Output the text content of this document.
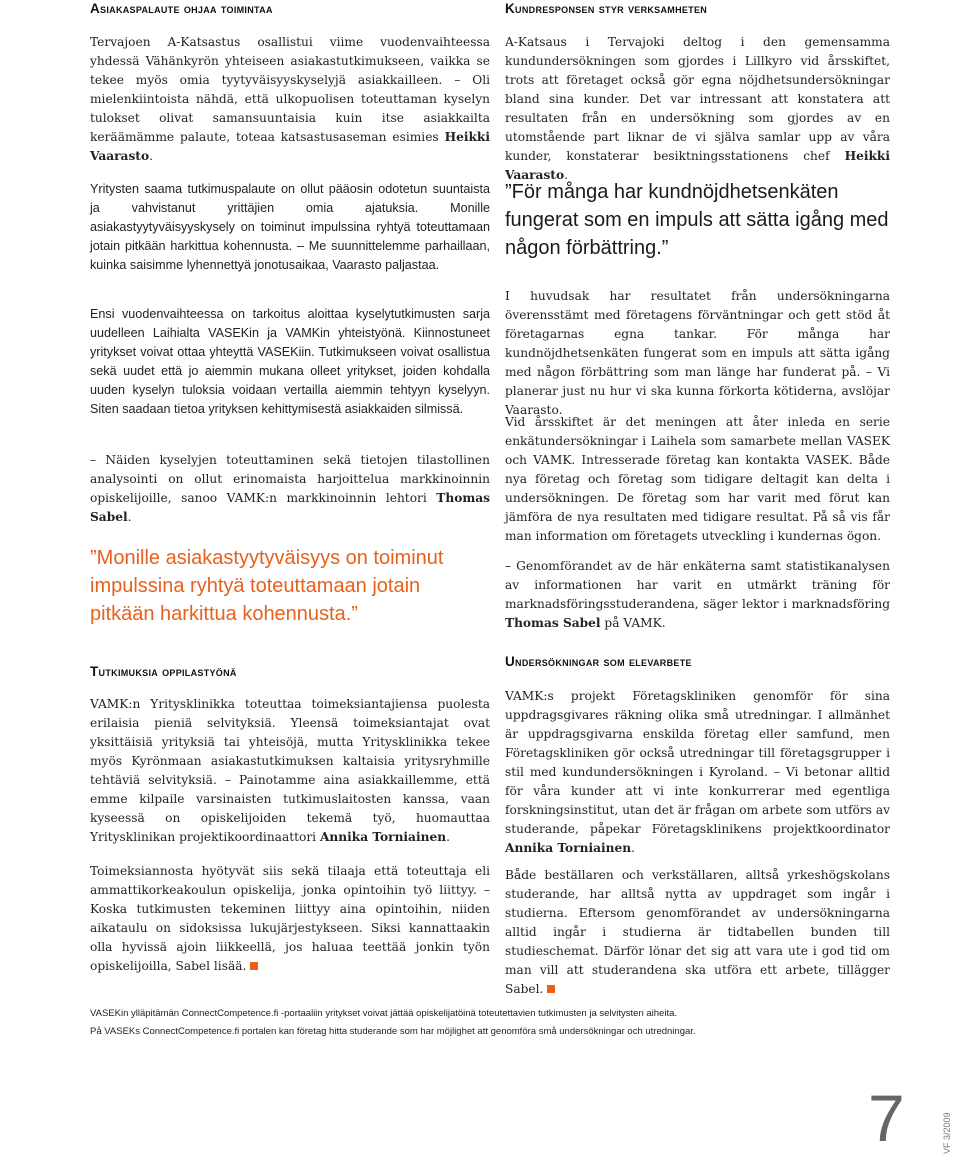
Asiakaspalaute ohjaa toimintaa

Tervajoen A-Katsastus osallistui viime vuodenvaihteessa yhdessä Vähänkyrön yhteiseen asiakastutkimukseen, vaikka se tekee myös omia tyytyväisyyskyselyjä asiakkailleen. – Oli mielenkiintoista nähdä, että ulkopuolisen toteuttaman kyselyn tulokset olivat samansuuntaisia kuin itse asiakkailta keräämämme palaute, toteaa katsastusaseman esimies Heikki Vaarasto.

Yritysten saama tutkimuspalaute on ollut pääosin odotetun suuntaista ja vahvistanut yrittäjien omia ajatuksia. Monille asiakastyytyväisyyskysely on toiminut impulssina ryhtyä toteuttamaan jotain pitkään harkittua kohennusta. – Me suunnittelemme parhaillaan, kuinka saisimme lyhennettyä jonotusaikaa, Vaarasto paljastaa.

Ensi vuodenvaihteessa on tarkoitus aloittaa kyselytutkimusten sarja uudelleen Laihialta VASEKin ja VAMKin yhteistyönä. Kiinnostuneet yritykset voivat ottaa yhteyttä VASEKiin. Tutkimukseen voivat osallistua sekä uudet että jo aiemmin mukana olleet yritykset, joiden kohdalla uuden kyselyn tuloksia voidaan vertailla aiemmin tehtyyn kyselyyn. Siten saadaan tietoa yrityksen kehittymisestä asiakkaiden silmissä.

– Näiden kyselyjen toteuttaminen sekä tietojen tilastollinen analysointi on ollut erinomaista harjoittelua markkinoinnin opiskelijoille, sanoo VAMK:n markkinoinnin lehtori Thomas Sabel.

”Monille asiakastyytyväisyys on toiminut impulssina ryhtyä toteuttamaan jotain pitkään harkittua kohennusta.”

Tutkimuksia oppilastyönä

VAMK:n Yritysklinikka toteuttaa toimeksiantajiensa puolesta erilaisia pieniä selvityksiä. Yleensä toimeksiantajat ovat yksittäisiä yrityksiä tai yhteisöjä, mutta Yritysklinikka tekee myös Kyrönmaan asiakastutkimuksen kaltaisia yritysryhmille tehtäviä selvityksiä. – Painotamme aina asiakkaillemme, että emme kilpaile varsinaisten tutkimuslaitosten kanssa, vaan kyseessä on opiskelijoiden tekemä työ, huomauttaa Yritysklinikan projektikoordinaattori Annika Torniainen.

Toimeksiannosta hyötyvät siis sekä tilaaja että toteuttaja eli ammattikorkeakoulun opiskelija, jonka opintoihin työ liittyy. – Koska tutkimusten tekeminen liittyy aina opintoihin, niiden aikataulu on sidoksissa lukujärjestykseen. Siksi kannattaakin olla hyvissä ajoin liikkeellä, jos haluaa teettää jonkin työn opiskelijoilla, Sabel lisää.

Kundresponsen styr verksamheten

A-Katsaus i Tervajoki deltog i den gemensamma kundundersökningen som gjordes i Lillkyro vid årsskiftet, trots att företaget också gör egna nöjdhetsundersökningar bland sina kunder. Det var intressant att konstatera att resultaten från en undersökning som gjordes av en utomstående part liknar de vi själva samlar upp av våra kunder, konstaterar besiktningsstationens chef Heikki Vaarasto.

”För många har kundnöjdhetsenkäten fungerat som en impuls att sätta igång med någon förbättring.”

I huvudsak har resultatet från undersökningarna överensstämt med företagens förväntningar och gett stöd åt företagarnas egna tankar. För många har kundnöjdhetsenkäten fungerat som en impuls att sätta igång med någon förbättring som man länge har funderat på. – Vi planerar just nu hur vi ska kunna förkorta kötiderna, avslöjar Vaarasto.

Vid årsskiftet är det meningen att åter inleda en serie enkätundersökningar i Laihela som samarbete mellan VASEK och VAMK. Intresserade företag kan kontakta VASEK. Både nya företag och företag som tidigare deltagit kan delta i undersökningen. De företag som har varit med förut kan jämföra de nya resultaten med tidigare resultat. På så vis får man information om företagets utveckling i kundernas ögon.

– Genomförandet av de här enkäterna samt statistikanalysen av informationen har varit en utmärkt träning för marknadsföringsstuderandena, säger lektor i marknadsföring Thomas Sabel på VAMK.

Undersökningar som elevarbete

VAMK:s projekt Företagskliniken genomför för sina uppdragsgivares räkning olika små utredningar. I allmänhet är uppdragsgivarna enskilda företag eller samfund, men Företagskliniken gör också utredningar till företagsgrupper i stil med kundundersökningen i Kyroland. – Vi betonar alltid för våra kunder att vi inte konkurrerar med egentliga forskningsinstitut, utan det är frågan om arbete som utförs av studerande, påpekar Företagsklinikens projektkoordinator Annika Torniainen.

Både beställaren och verkställaren, alltså yrkeshögskolans studerande, har alltså nytta av uppdraget som ingår i studierna. Eftersom genomförandet av undersökningarna alltid ingår i studierna är tidtabellen bunden till studieschemat. Därför lönar det sig att vara ute i god tid om man vill att studerandena ska utföra ett arbete, tillägger Sabel.

VASEKin ylläpitämän ConnectCompetence.fi -portaaliin yritykset voivat jättää opiskelijatöinä toteutettavien tutkimusten ja selvitysten aiheita.
På VASEKs ConnectCompetence.fi portalen kan företag hitta studerande som har möjlighet att genomföra små undersökningar och utredningar.
7	VF 3/2009
